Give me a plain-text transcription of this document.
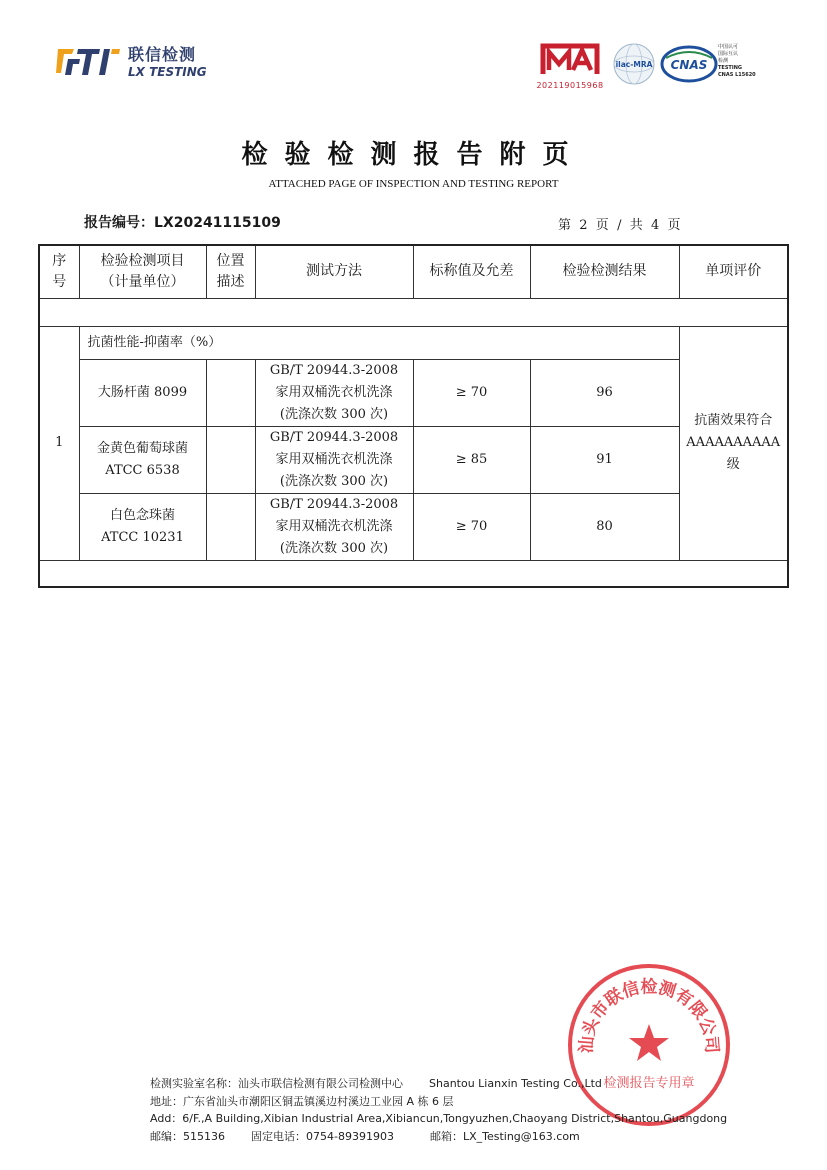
联信检测
LX TESTING
MA
202119015968
ilac-MRA CNAS
中国认可
国际互认
检测
TESTING
CNAS L15620
检验检测报告附页
ATTACHED PAGE OF INSPECTION AND TESTING REPORT
报告编号：LX20241115109	第  2  页  /  共  4  页
序
号	检验检测项目
（计量单位）	位置
描述	测试方法	标称值及允差	检验检测结果	单项评价

1	抗菌性能-抑菌率（%）					抗菌效果符合
AAAAAAAAAA
级

	大肠杆菌 8099		GB/T 20944.3-2008
家用双桶洗衣机洗涤
(洗涤次数 300 次)	≥ 70	96	

	金黄色葡萄球菌
ATCC 6538		GB/T 20944.3-2008
家用双桶洗衣机洗涤
(洗涤次数 300 次)	≥ 85	91	

	白色念珠菌
ATCC 10231		GB/T 20944.3-2008
家用双桶洗衣机洗涤
(洗涤次数 300 次)	≥ 70	80	

汕头市联信检测有限公司
检测报告专用章
检测实验室名称：汕头市联信检测有限公司检测中心 Shantou Lianxin Testing Co.,Ltd
地址：广东省汕头市潮阳区铜盂镇溪边村溪边工业园 A 栋 6 层
Add：6/F.,A Building,Xibian Industrial Area,Xibiancun,Tongyuzhen,Chaoyang District,Shantou,Guangdong
邮编：515136 固定电话：0754-89391903	邮箱：LX_Testing@163.com
